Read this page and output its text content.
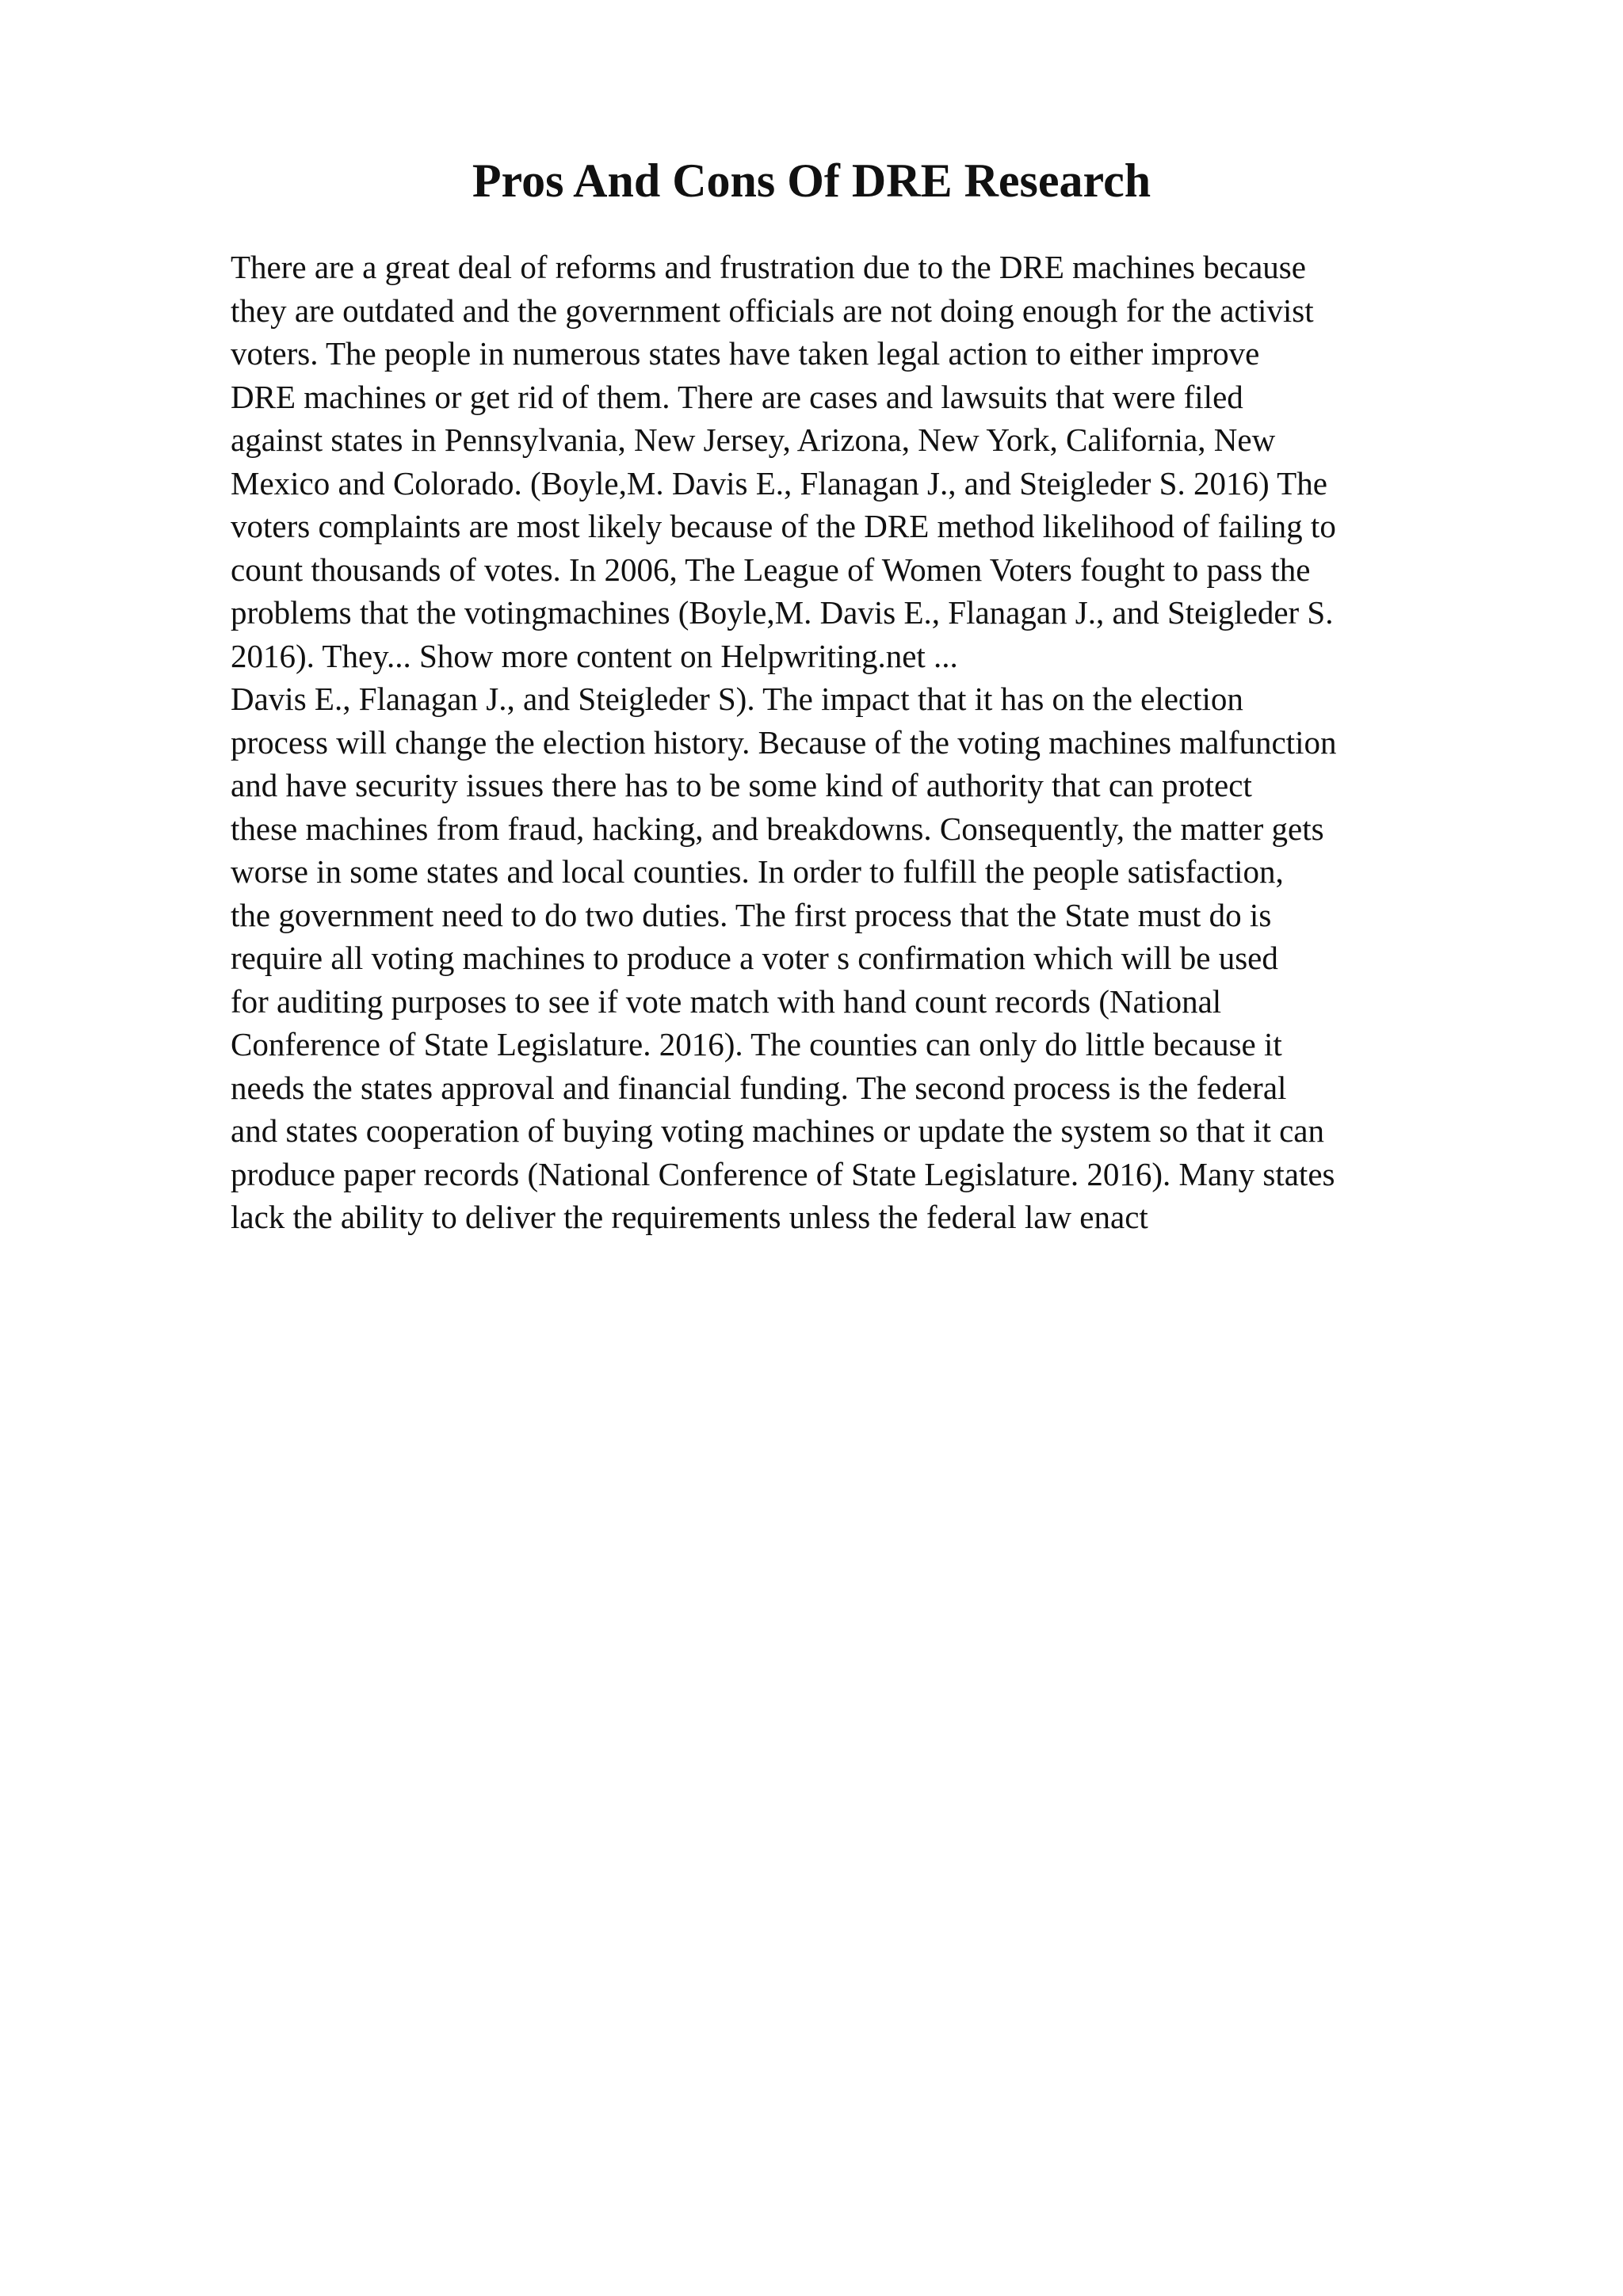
Pros And Cons Of DRE Research
There are a great deal of reforms and frustration due to the DRE machines because
they are outdated and the government officials are not doing enough for the activist
voters. The people in numerous states have taken legal action to either improve
DRE machines or get rid of them. There are cases and lawsuits that were filed
against states in Pennsylvania, New Jersey, Arizona, New York, California, New
Mexico and Colorado. (Boyle,M. Davis E., Flanagan J., and Steigleder S. 2016) The
voters complaints are most likely because of the DRE method likelihood of failing to
count thousands of votes. In 2006, The League of Women Voters fought to pass the
problems that the votingmachines (Boyle,M. Davis E., Flanagan J., and Steigleder S.
2016). They... Show more content on Helpwriting.net ...
Davis E., Flanagan J., and Steigleder S). The impact that it has on the election
process will change the election history. Because of the voting machines malfunction
and have security issues there has to be some kind of authority that can protect
these machines from fraud, hacking, and breakdowns. Consequently, the matter gets
worse in some states and local counties. In order to fulfill the people satisfaction,
the government need to do two duties. The first process that the State must do is
require all voting machines to produce a voter s confirmation which will be used
for auditing purposes to see if vote match with hand count records (National
Conference of State Legislature. 2016). The counties can only do little because it
needs the states approval and financial funding. The second process is the federal
and states cooperation of buying voting machines or update the system so that it can
produce paper records (National Conference of State Legislature. 2016). Many states
lack the ability to deliver the requirements unless the federal law enact
